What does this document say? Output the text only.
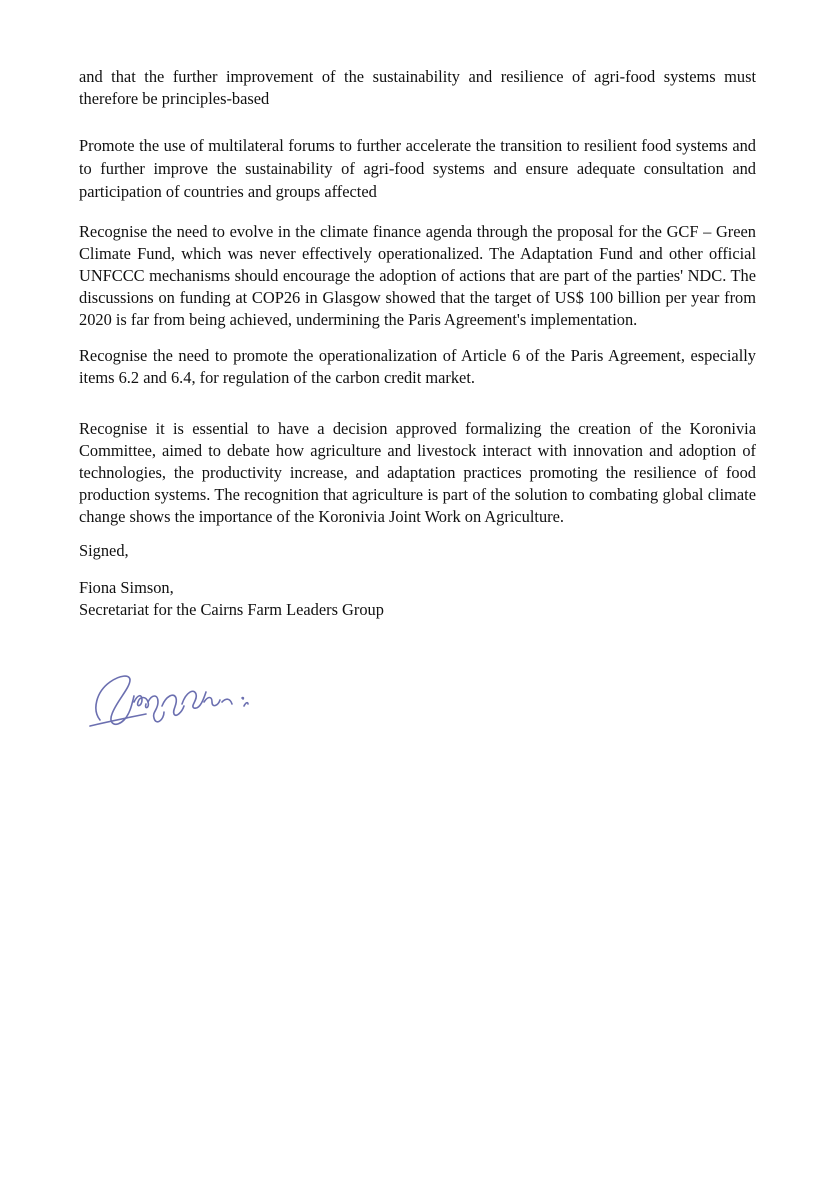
and that the further improvement of the sustainability and resilience of agri-food systems must therefore be principles-based

Promote the use of multilateral forums to further accelerate the transition to resilient food systems and to further improve the sustainability of agri-food systems and ensure adequate consultation and participation of countries and groups affected

Recognise the need to evolve in the climate finance agenda through the proposal for the GCF – Green Climate Fund, which was never effectively operationalized. The Adaptation Fund and other official UNFCCC mechanisms should encourage the adoption of actions that are part of the parties' NDC. The discussions on funding at COP26 in Glasgow showed that the target of US$ 100 billion per year from 2020 is far from being achieved, undermining the Paris Agreement's implementation.

Recognise the need to promote the operationalization of Article 6 of the Paris Agreement, especially items 6.2 and 6.4, for regulation of the carbon credit market.

Recognise it is essential to have a decision approved formalizing the creation of the Koronivia Committee, aimed to debate how agriculture and livestock interact with innovation and adoption of technologies, the productivity increase, and adaptation practices promoting the resilience of food production systems. The recognition that agriculture is part of the solution to combating global climate change shows the importance of the Koronivia Joint Work on Agriculture.

Signed,

Fiona Simson,

Secretariat for the Cairns Farm Leaders Group
